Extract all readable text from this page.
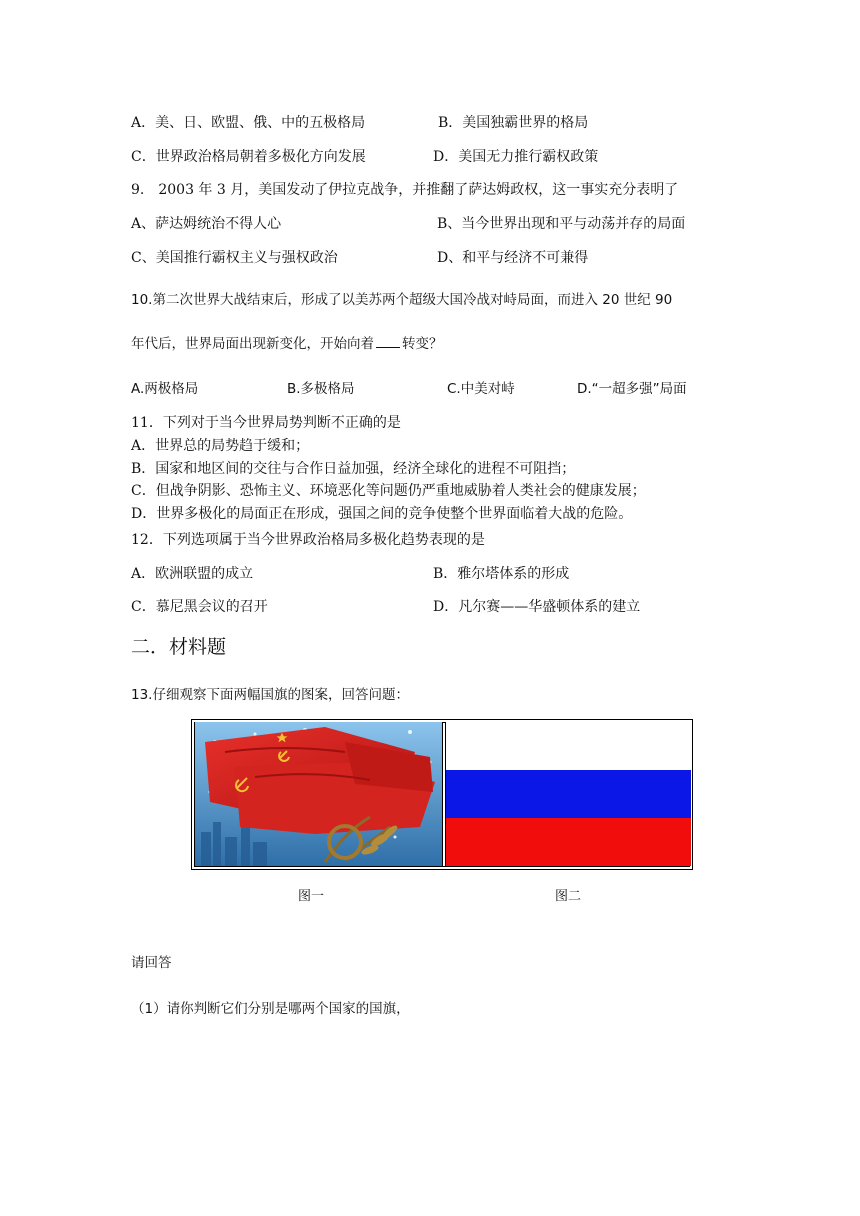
A．美、日、欧盟、俄、中的五极格局	B．美国独霸世界的格局
C．世界政治格局朝着多极化方向发展	D．美国无力推行霸权政策
9.　2003 年 3 月，美国发动了伊拉克战争，并推翻了萨达姆政权，这一事实充分表明了
A、萨达姆统治不得人心	B、当今世界出现和平与动荡并存的局面
C、美国推行霸权主义与强权政治	D、和平与经济不可兼得
10.第二次世界大战结束后，形成了以美苏两个超级大国冷战对峙局面，而进入 20 世纪 90
年代后，世界局面出现新变化，开始向着 转变？
A.两极格局	B.多极格局	C.中美对峙	D.“一超多强”局面
11．下列对于当今世界局势判断不正确的是
A．世界总的局势趋于缓和；
B．国家和地区间的交往与合作日益加强，经济全球化的进程不可阻挡；
C．但战争阴影、恐怖主义、环境恶化等问题仍严重地威胁着人类社会的健康发展；
D．世界多极化的局面正在形成，强国之间的竞争使整个世界面临着大战的危险。
12．下列选项属于当今世界政治格局多极化趋势表现的是
A．欧洲联盟的成立	B．雅尔塔体系的形成
C．慕尼黑会议的召开	D．凡尔赛——华盛顿体系的建立
二．材料题
13.仔细观察下面两幅国旗的图案，回答问题：
图一	图二
请回答
（1）请你判断它们分别是哪两个国家的国旗，
